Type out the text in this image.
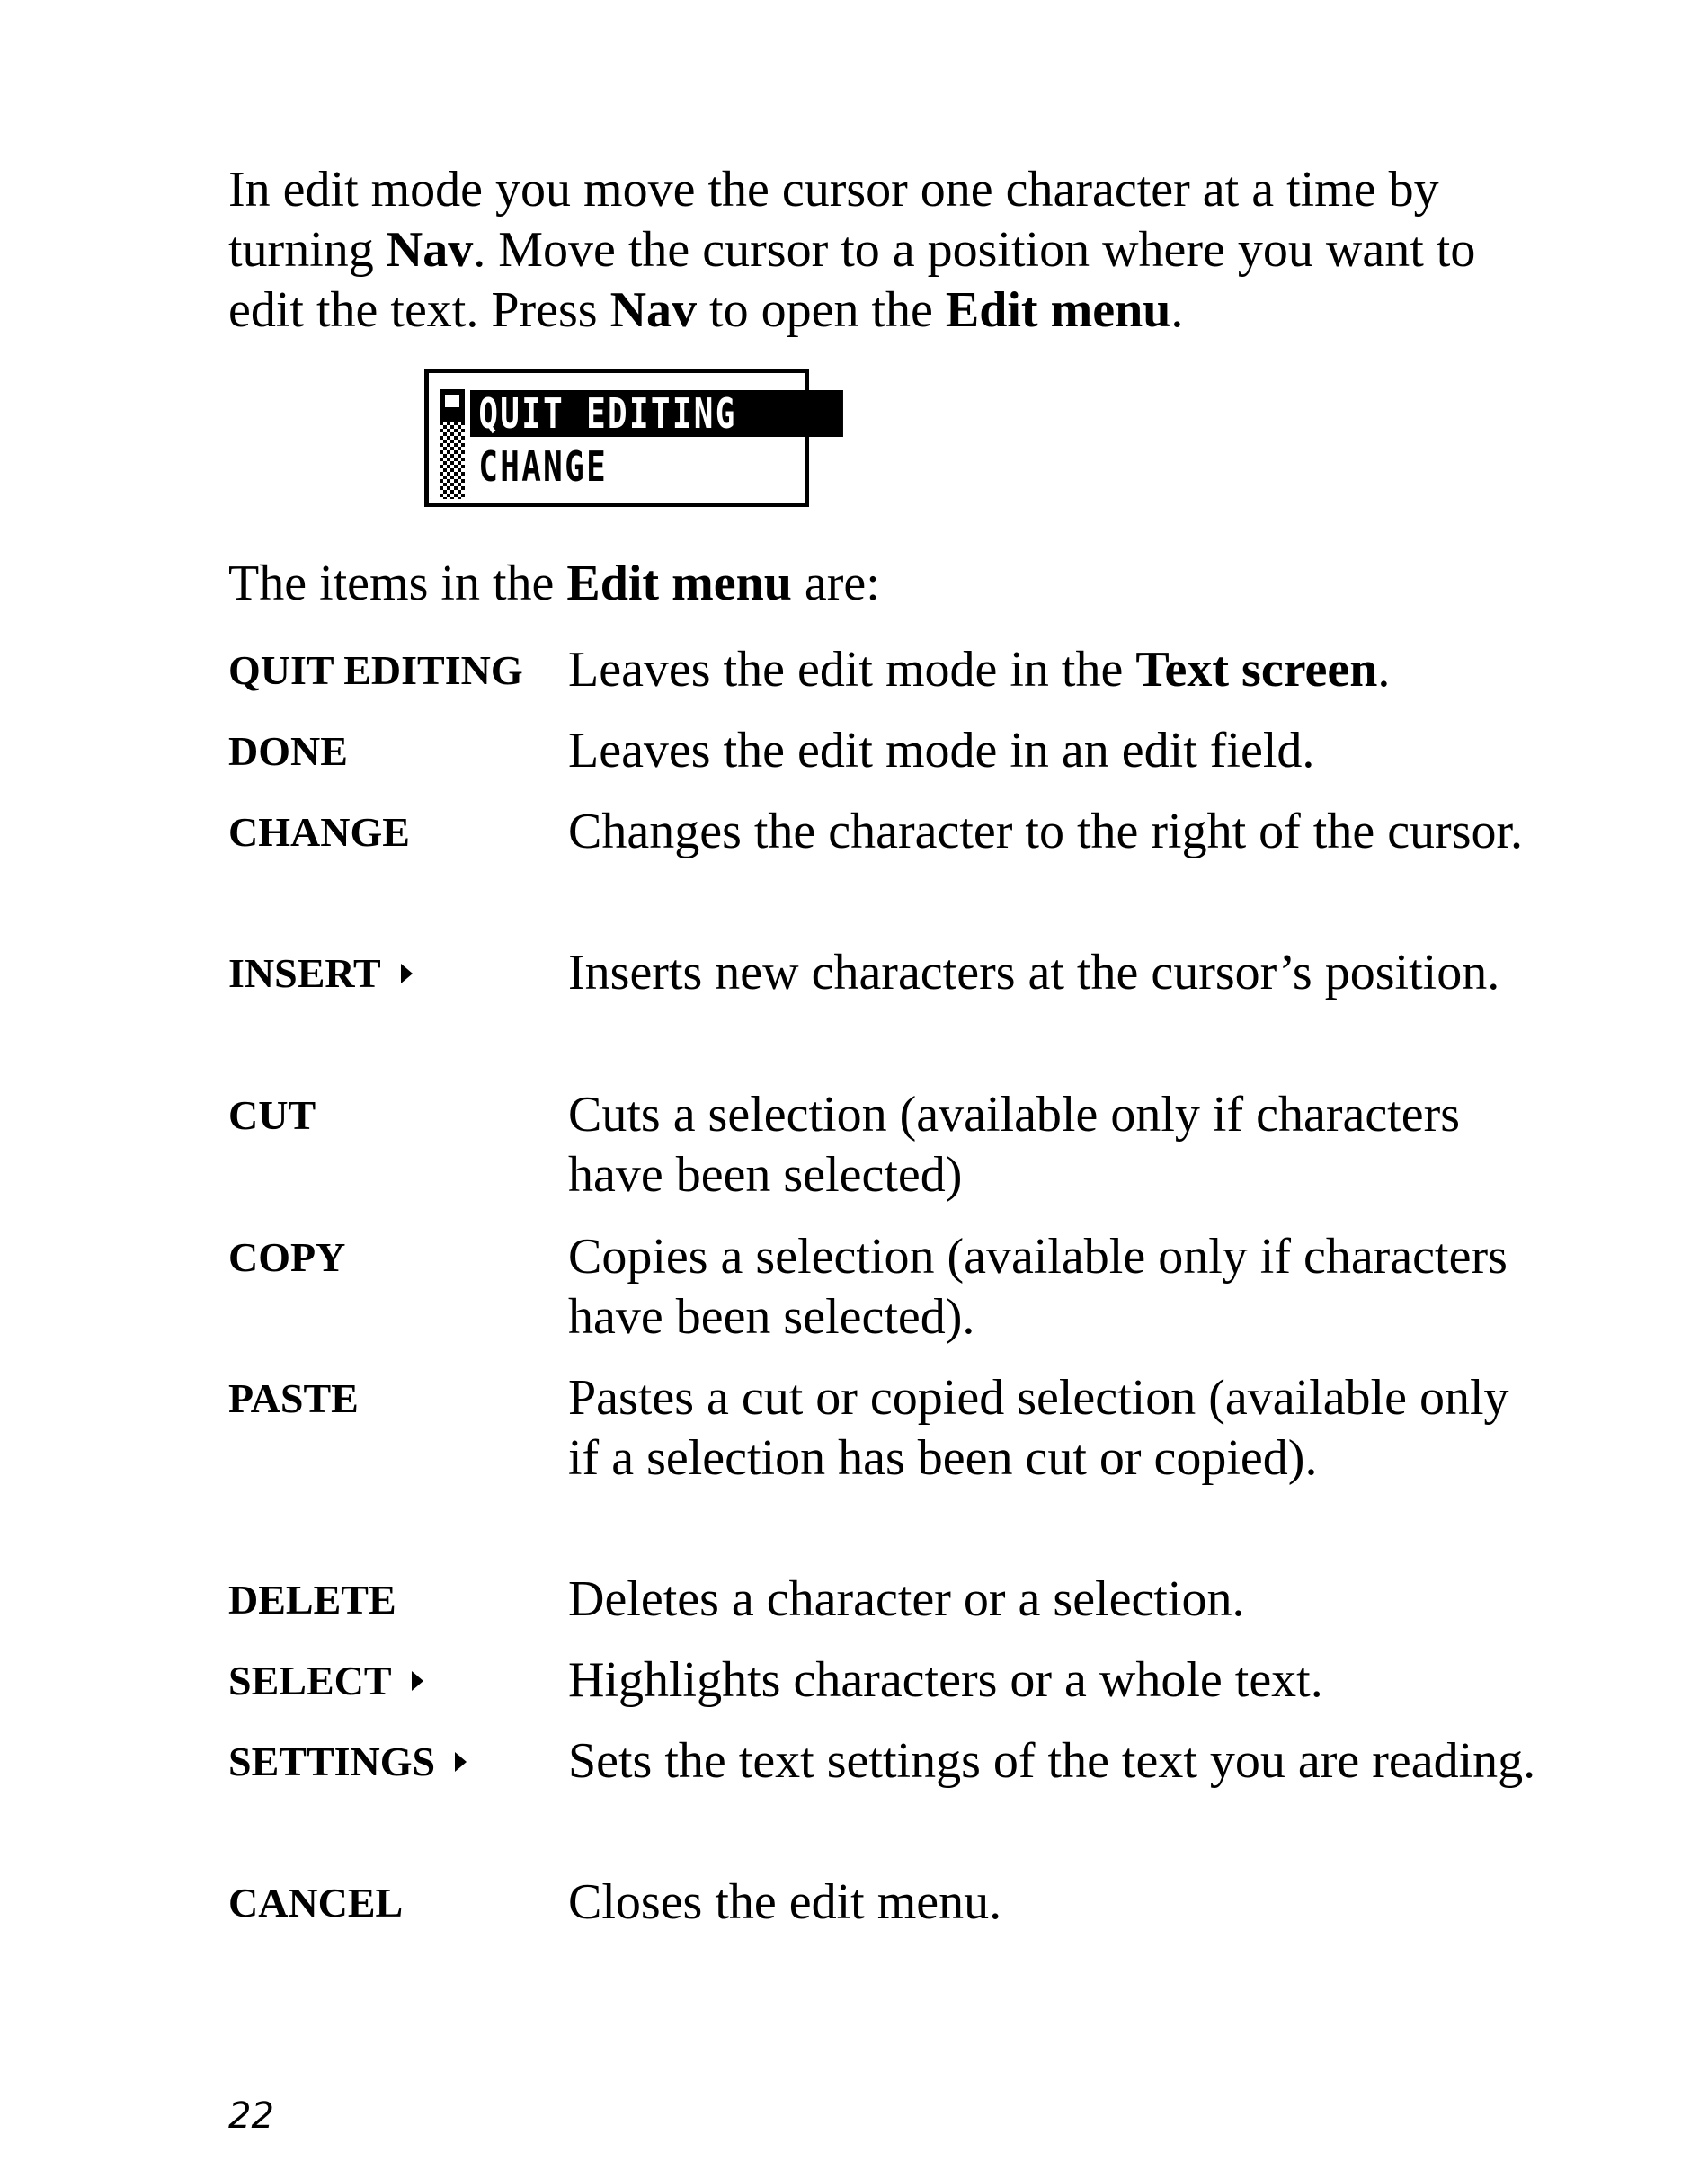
In edit mode you move the cursor one character at a time by turning Nav. Move the cursor to a position where you want to edit the text. Press Nav to open the Edit menu.
QUIT EDITING
CHANGE
The items in the Edit menu are:
QUIT EDITING Leaves the edit mode in the Text screen.
DONE	Leaves the edit mode in an edit field.
CHANGE	Changes the character to the right of the cursor.
INSERT	Inserts new characters at the cursor’s position.
CUT	Cuts a selection (available only if characters have been selected)
COPY	Copies a selection (available only if characters have been selected).
PASTE	Pastes a cut or copied selection (available only if a selection has been cut or copied).
DELETE	Deletes a character or a selection.
SELECT	Highlights characters or a whole text.
SETTINGS	Sets the text settings of the text you are reading.
CANCEL	Closes the edit menu.
22
